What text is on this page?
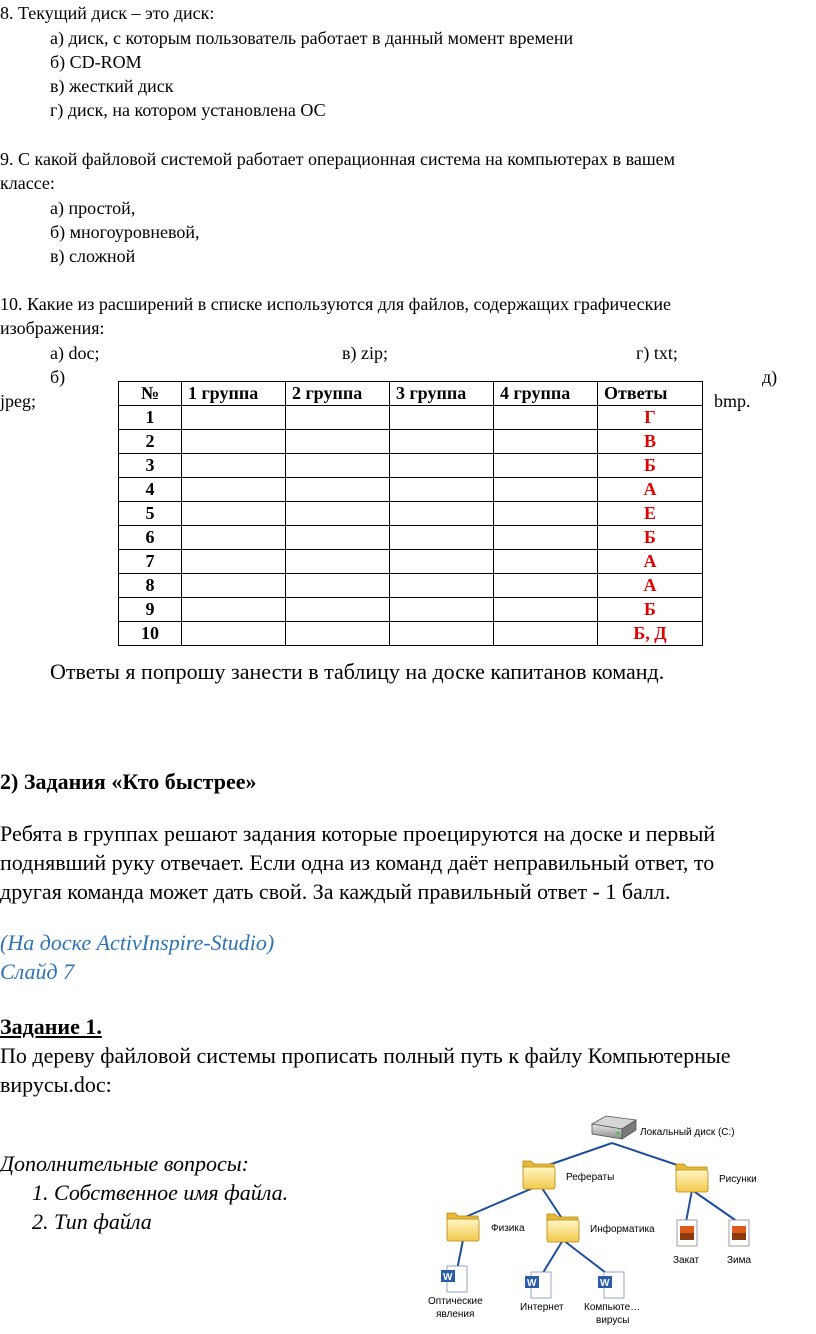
8. Текущий диск – это диск:
а) диск, с которым пользователь работает в данный момент времени
б) CD-ROM
в) жесткий диск
г) диск, на котором установлена ОС
9. С какой файловой системой работает операционная система на компьютерах в вашем
классе:
а) простой,
б) многоуровневой,
в) сложной
10. Какие из расширений в списке используются для файлов, содержащих графические
изображения:
а) doc;	в) zip;	г) txt;
б)	д)
jpeg;	bmp.
№	1 группа	2 группа	3 группа	4 группа	Ответы
1					Г
2					В
3					Б
4					А
5					Е
6					Б
7					А
8					А
9					Б
10					Б, Д
Ответы я попрошу занести в таблицу на доске капитанов команд.
2) Задания «Кто быстрее»
Ребята в группах решают задания которые проецируются на доске и первый
поднявший руку отвечает. Если одна из команд даёт неправильный ответ, то
другая команда может дать свой. За каждый правильный ответ - 1 балл.
(На доске ActivInspire-Studio)
Слайд 7
Задание 1.
По дереву файловой системы прописать полный путь к файлу Компьютерные
вирусы.doc:
Дополнительные вопросы:
1. Собственное имя файла.
2. Тип файла
W
W	W
Локальный диск (C:)
Рефераты	Рисунки
Физика	Информатика
Закат	Зима
Оптические
явления
Интернет Компьюте…
вирусы
